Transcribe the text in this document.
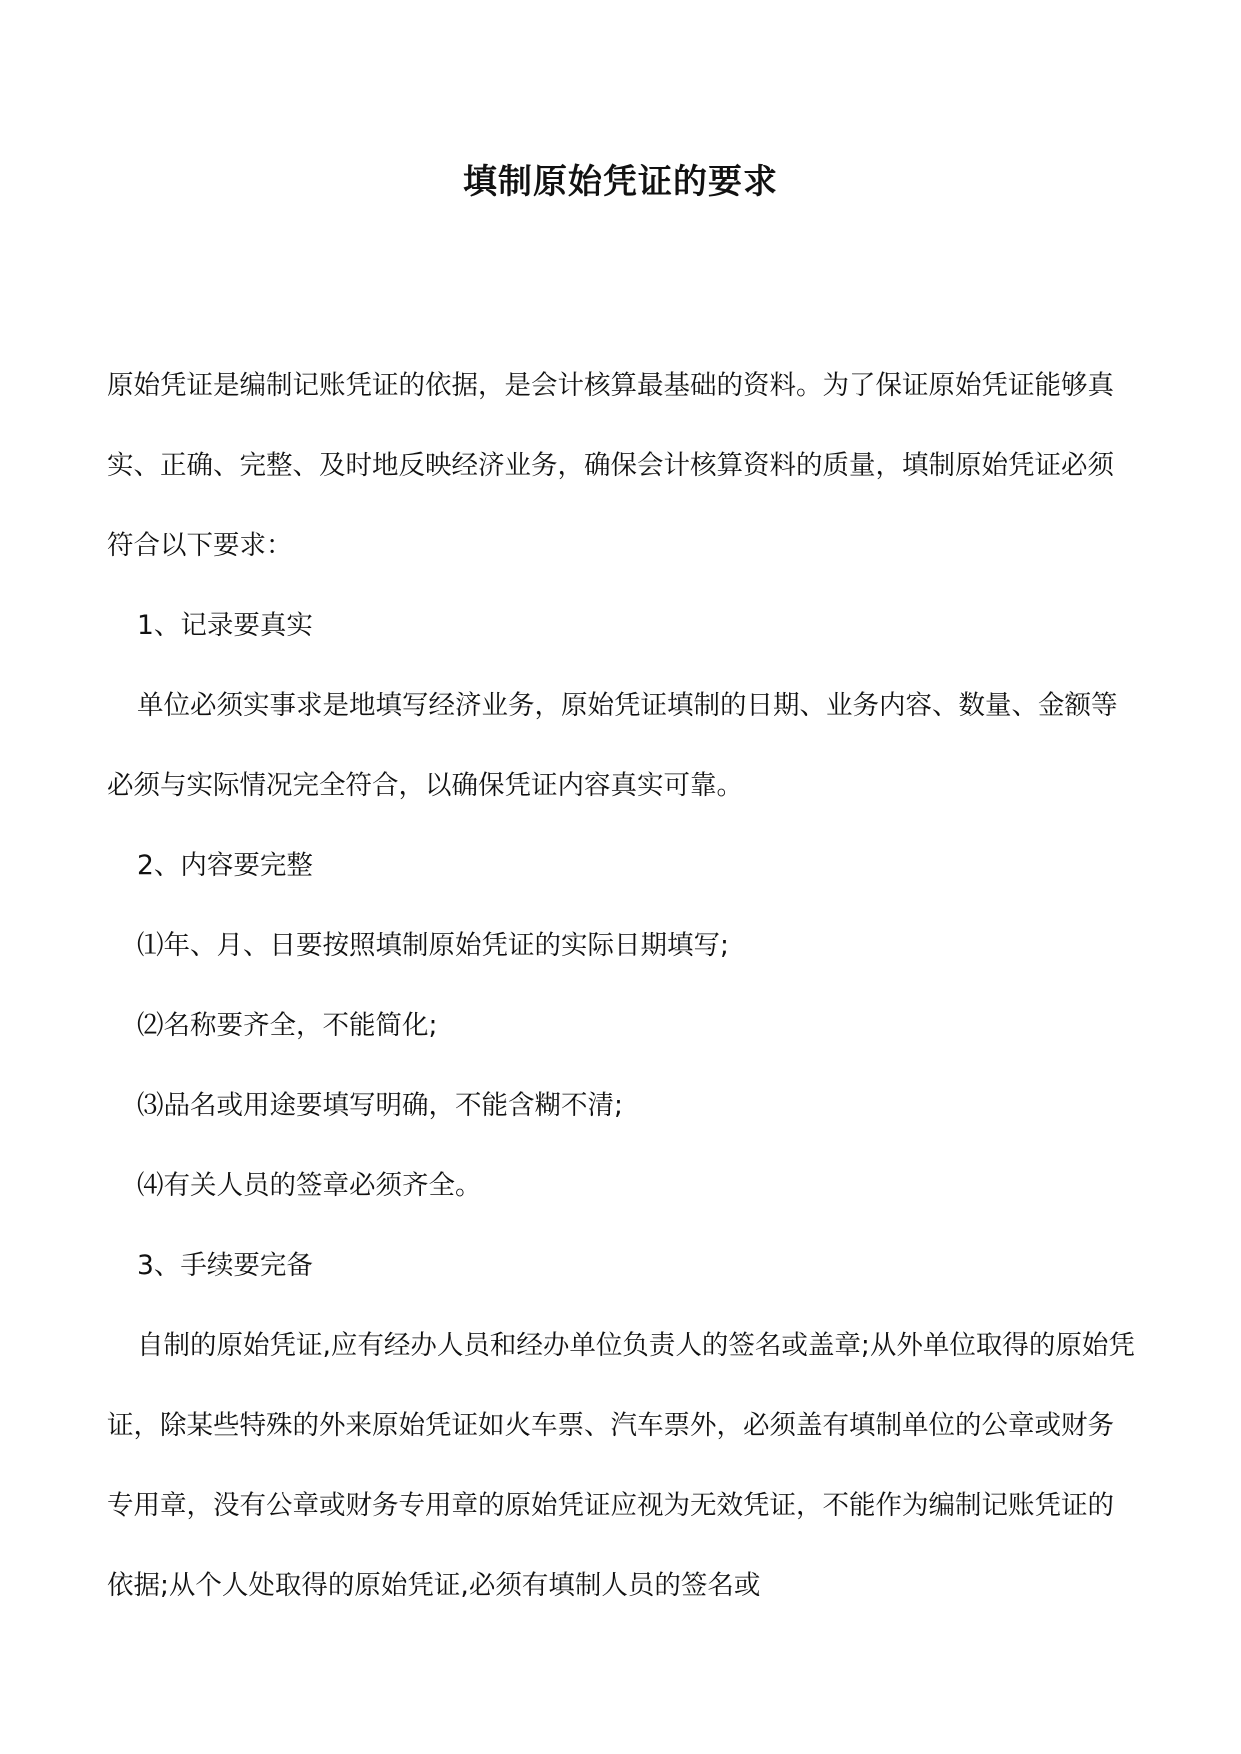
填制原始凭证的要求

原始凭证是编制记账凭证的依据，是会计核算最基础的资料。为了保证原始凭证能够真实、正确、完整、及时地反映经济业务，确保会计核算资料的质量，填制原始凭证必须符合以下要求：

1、记录要真实

单位必须实事求是地填写经济业务，原始凭证填制的日期、业务内容、数量、金额等必须与实际情况完全符合，以确保凭证内容真实可靠。

2、内容要完整

⑴年、月、日要按照填制原始凭证的实际日期填写;

⑵名称要齐全，不能简化;

⑶品名或用途要填写明确，不能含糊不清;

⑷有关人员的签章必须齐全。

3、手续要完备

自制的原始凭证,应有经办人员和经办单位负责人的签名或盖章;从外单位取得的原始凭证，除某些特殊的外来原始凭证如火车票、汽车票外，必须盖有填制单位的公章或财务专用章，没有公章或财务专用章的原始凭证应视为无效凭证，不能作为编制记账凭证的依据;从个人处取得的原始凭证,必须有填制人员的签名或
